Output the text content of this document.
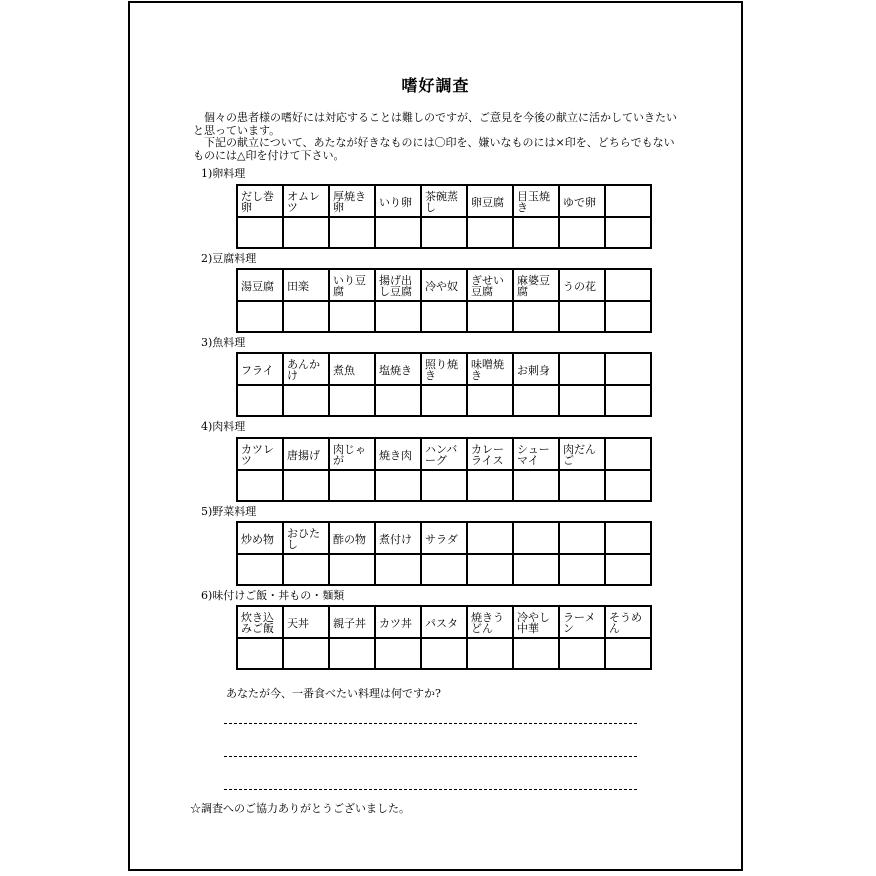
嗜好調査

個々の患者様の嗜好には対応することは難しのですが、ご意見を今後の献立に活かしていきたいと思っています。

下記の献立について、あたなが好きなものには〇印を、嫌いなものには×印を、どちらでもないものには△印を付けて下さい。

1)卵料理
だし巻卵	オムレツ	厚焼き卵	いり卵	茶碗蒸し	卵豆腐	目玉焼き	ゆで卵	

2)豆腐料理
湯豆腐	田楽	いり豆腐	揚げ出し豆腐	冷や奴	ぎせい豆腐	麻婆豆腐	うの花	

3)魚料理
フライ	あんかけ	煮魚	塩焼き	照り焼き	味噌焼き	お刺身		

4)肉料理
カツレツ	唐揚げ	肉じゃが	焼き肉	ハンバーグ	カレーライス	シューマイ	肉だんご	

5)野菜料理
炒め物	おひたし	酢の物	煮付け	サラダ				

6)味付けご飯・丼もの・麺類
炊き込みご飯	天丼	親子丼	カツ丼	パスタ	焼きうどん	冷やし中華	ラーメン	そうめん

あなたが今、一番食べたい料理は何ですか?
☆調査へのご協力ありがとうございました。
